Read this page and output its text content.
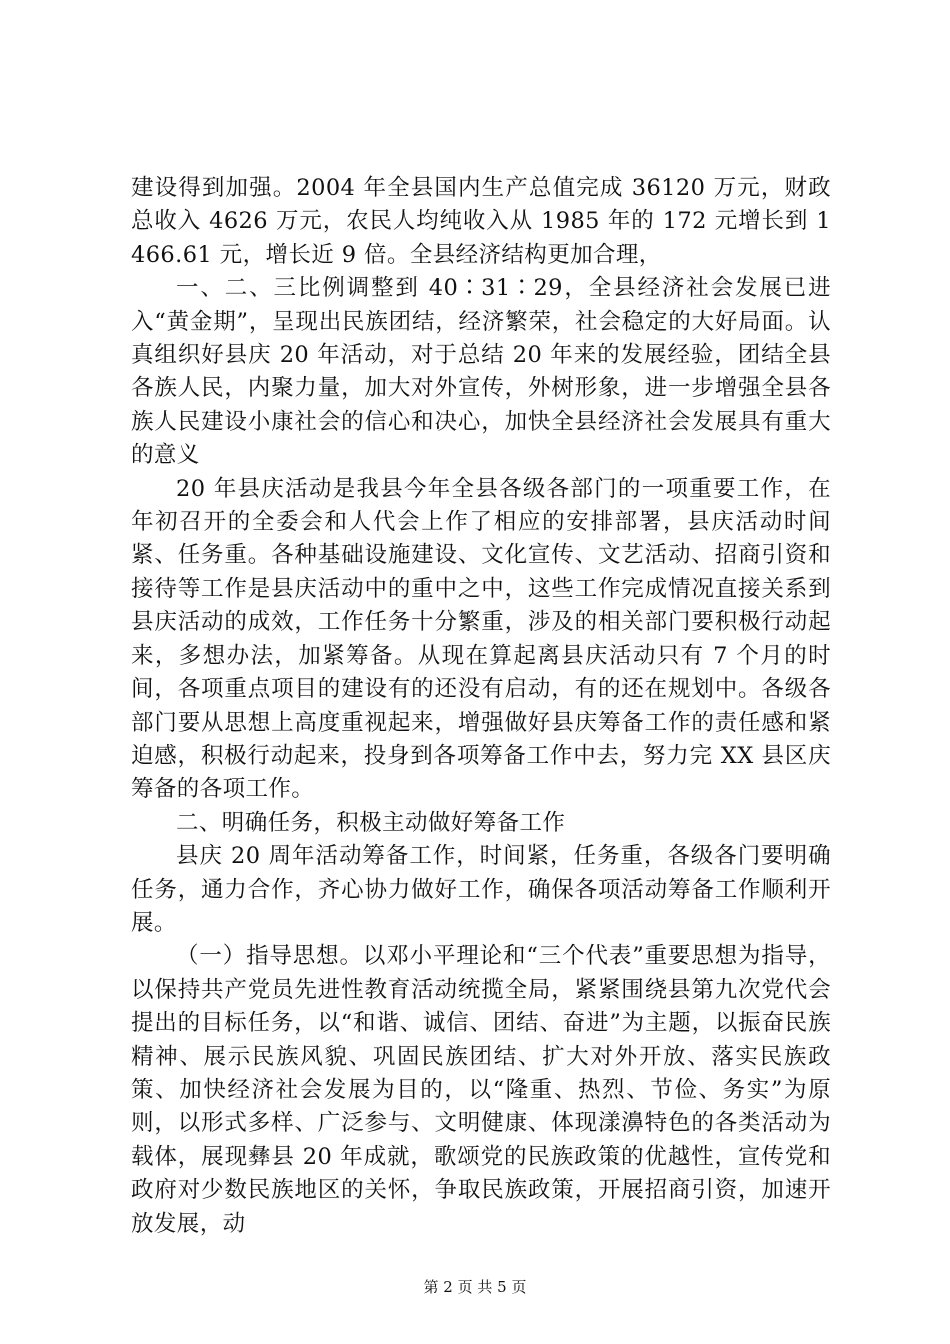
建设得到加强。2004 年全县国内生产总值完成 36120 万元，财政总收入 4626 万元，农民人均纯收入从 1985 年的 172 元增长到 1466.61 元，增长近 9 倍。全县经济结构更加合理，

一、二、三比例调整到 40∶31∶29，全县经济社会发展已进入“黄金期”，呈现出民族团结，经济繁荣，社会稳定的大好局面。认真组织好县庆 20 年活动，对于总结 20 年来的发展经验，团结全县各族人民，内聚力量，加大对外宣传，外树形象，进一步增强全县各族人民建设小康社会的信心和决心，加快全县经济社会发展具有重大的意义

20 年县庆活动是我县今年全县各级各部门的一项重要工作，在年初召开的全委会和人代会上作了相应的安排部署，县庆活动时间紧、任务重。各种基础设施建设、文化宣传、文艺活动、招商引资和接待等工作是县庆活动中的重中之中，这些工作完成情况直接关系到县庆活动的成效，工作任务十分繁重，涉及的相关部门要积极行动起来，多想办法，加紧筹备。从现在算起离县庆活动只有 7 个月的时间，各项重点项目的建设有的还没有启动，有的还在规划中。各级各部门要从思想上高度重视起来，增强做好县庆筹备工作的责任感和紧迫感，积极行动起来，投身到各项筹备工作中去，努力完 XX 县区庆筹备的各项工作。

二、明确任务，积极主动做好筹备工作

县庆 20 周年活动筹备工作，时间紧，任务重，各级各门要明确任务，通力合作，齐心协力做好工作，确保各项活动筹备工作顺利开展。

（一）指导思想。以邓小平理论和“三个代表”重要思想为指导，以保持共产党员先进性教育活动统揽全局，紧紧围绕县第九次党代会提出的目标任务，以“和谐、诚信、团结、奋进”为主题，以振奋民族精神、展示民族风貌、巩固民族团结、扩大对外开放、落实民族政策、加快经济社会发展为目的，以“隆重、热烈、节俭、务实”为原则，以形式多样、广泛参与、文明健康、体现漾濞特色的各类活动为载体，展现彝县 20 年成就，歌颂党的民族政策的优越性，宣传党和政府对少数民族地区的关怀，争取民族政策，开展招商引资，加速开放发展，动

第 2 页 共 5 页
